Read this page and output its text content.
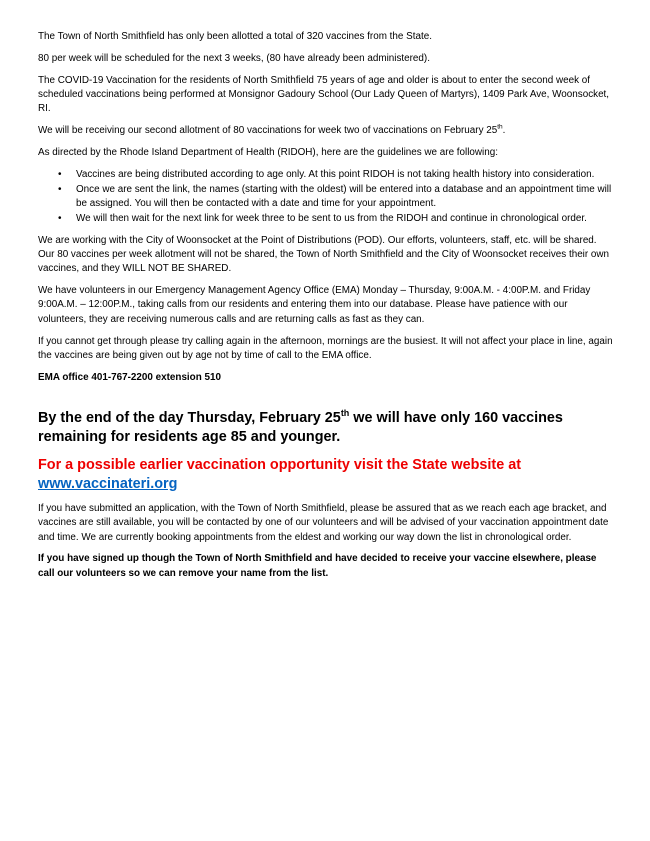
The Town of North Smithfield has only been allotted a total of 320 vaccines from the State.

80 per week will be scheduled for the next 3 weeks, (80 have already been administered).

The COVID-19 Vaccination for the residents of North Smithfield 75 years of age and older is about to enter the second week of scheduled vaccinations being performed at Monsignor Gadoury School (Our Lady Queen of Martyrs), 1409 Park Ave, Woonsocket, RI.

We will be receiving our second allotment of 80 vaccinations for week two of vaccinations on February 25th.

As directed by the Rhode Island Department of Health (RIDOH), here are the guidelines we are following:

• Vaccines are being distributed according to age only. At this point RIDOH is not taking health history into consideration.
• Once we are sent the link, the names (starting with the oldest) will be entered into a database and an appointment time will be assigned. You will then be contacted with a date and time for your appointment.
• We will then wait for the next link for week three to be sent to us from the RIDOH and continue in chronological order.

We are working with the City of Woonsocket at the Point of Distributions (POD). Our efforts, volunteers, staff, etc. will be shared. Our 80 vaccines per week allotment will not be shared, the Town of North Smithfield and the City of Woonsocket receives their own vaccines, and they WILL NOT BE SHARED.

We have volunteers in our Emergency Management Agency Office (EMA) Monday – Thursday, 9:00A.M. - 4:00P.M. and Friday 9:00A.M. – 12:00P.M., taking calls from our residents and entering them into our database. Please have patience with our volunteers, they are receiving numerous calls and are returning calls as fast as they can.

If you cannot get through please try calling again in the afternoon, mornings are the busiest. It will not affect your place in line, again the vaccines are being given out by age not by time of call to the EMA office.

EMA office 401-767-2200 extension 510

By the end of the day Thursday, February 25th we will have only 160 vaccines remaining for residents age 85 and younger.
For a possible earlier vaccination opportunity visit the State website at www.vaccinateri.org

If you have submitted an application, with the Town of North Smithfield, please be assured that as we reach each age bracket, and vaccines are still available, you will be contacted by one of our volunteers and will be advised of your vaccination appointment date and time. We are currently booking appointments from the eldest and working our way down the list in chronological order.

If you have signed up though the Town of North Smithfield and have decided to receive your vaccine elsewhere, please call our volunteers so we can remove your name from the list.
